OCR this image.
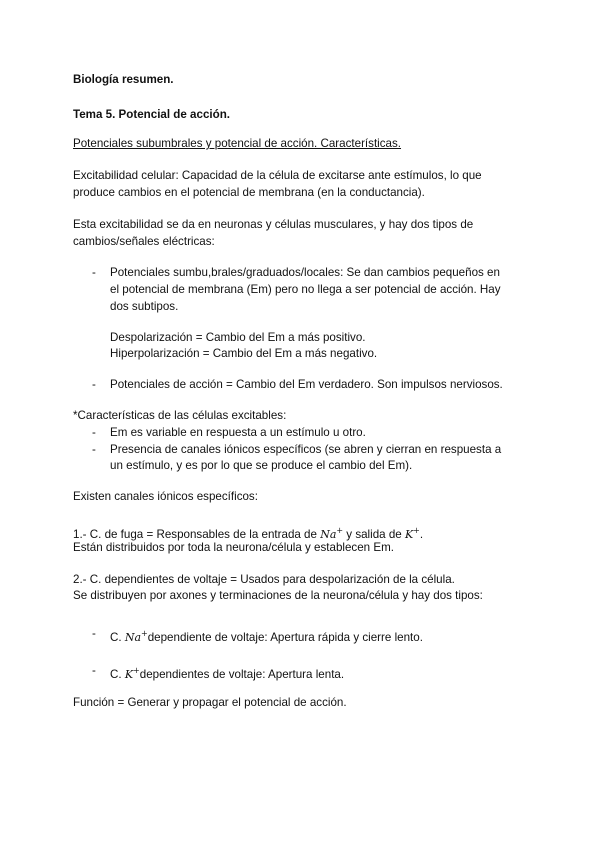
Biología resumen.
Tema 5. Potencial de acción.
Potenciales subumbrales y potencial de acción. Características.
Excitabilidad celular: Capacidad de la célula de excitarse ante estímulos, lo que
produce cambios en el potencial de membrana (en la conductancia).
Esta excitabilidad se da en neuronas y células musculares, y hay dos tipos de
cambios/señales eléctricas:
- Potenciales sumbu,brales/graduados/locales: Se dan cambios pequeños en
el potencial de membrana (Em) pero no llega a ser potencial de acción. Hay
dos subtipos.
Despolarización = Cambio del Em a más positivo.
Hiperpolarización = Cambio del Em a más negativo.
- Potenciales de acción = Cambio del Em verdadero. Son impulsos nerviosos.
*Características de las células excitables:
- Em es variable en respuesta a un estímulo u otro.
- Presencia de canales iónicos específicos (se abren y cierran en respuesta a
un estímulo, y es por lo que se produce el cambio del Em).
Existen canales iónicos específicos:
1.- C. de fuga = Responsables de la entrada de Na+ y salida de K+.
Están distribuidos por toda la neurona/célula y establecen Em.
2.- C. dependientes de voltaje = Usados para despolarización de la célula.
Se distribuyen por axones y terminaciones de la neurona/célula y hay dos tipos:
- C. Na+dependiente de voltaje: Apertura rápida y cierre lento.
- C. K+dependientes de voltaje: Apertura lenta.
Función = Generar y propagar el potencial de acción.
